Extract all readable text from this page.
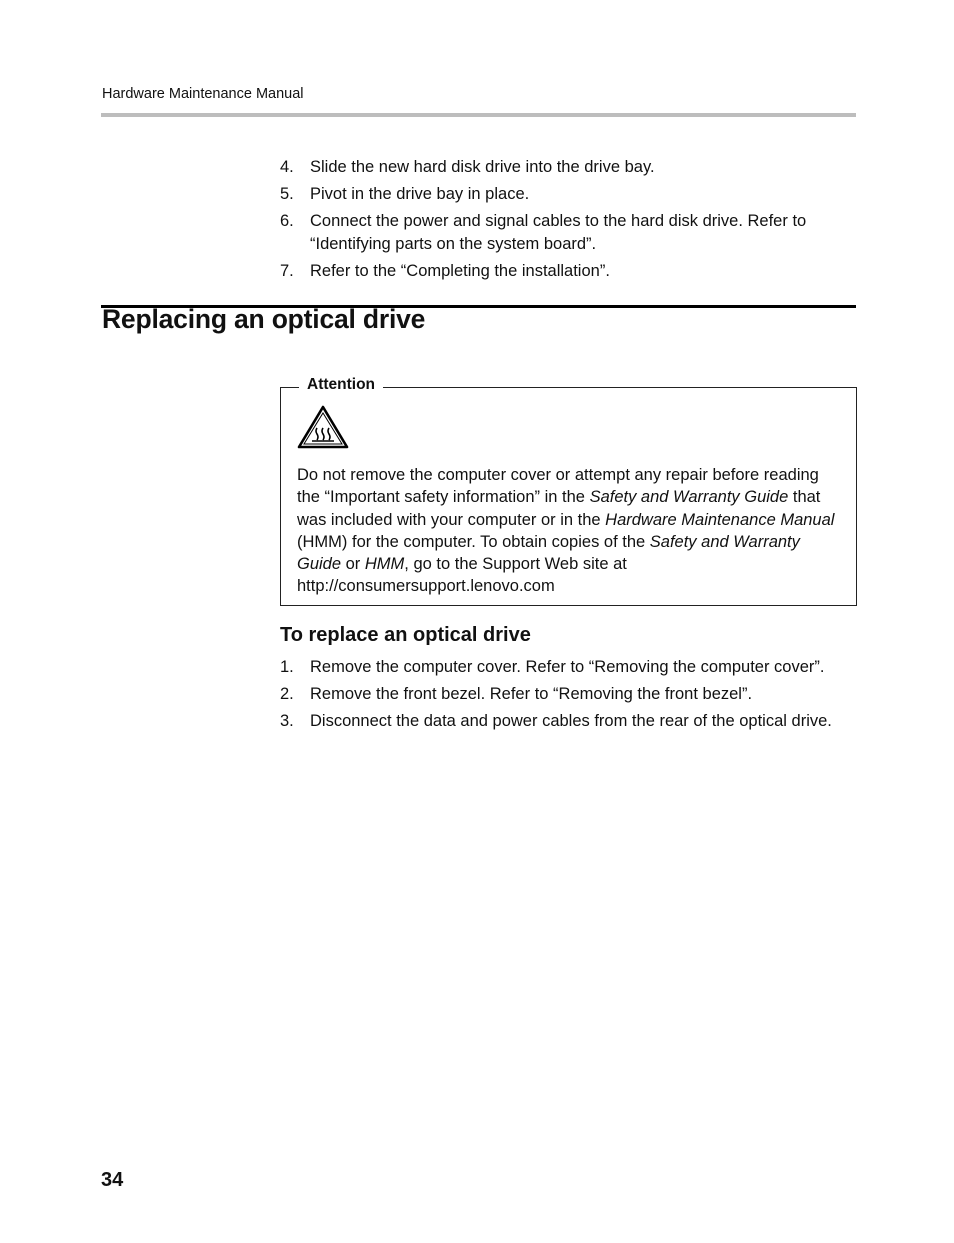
Hardware Maintenance Manual
4. Slide the new hard disk drive into the drive bay.
5. Pivot in the drive bay in place.
6. Connect the power and signal cables to the hard disk drive. Refer to “Identifying parts on the system board”.
7. Refer to the “Completing the installation”.
Replacing an optical drive
Attention

Do not remove the computer cover or attempt any repair before reading the “Important safety information” in the Safety and Warranty Guide that was included with your computer or in the Hardware Maintenance Manual (HMM) for the computer. To obtain copies of the Safety and Warranty Guide or HMM, go to the Support Web site at http://consumersupport.lenovo.com

To replace an optical drive
1. Remove the computer cover. Refer to “Removing the computer cover”.
2. Remove the front bezel. Refer to “Removing the front bezel”.
3. Disconnect the data and power cables from the rear of the optical drive.
34
